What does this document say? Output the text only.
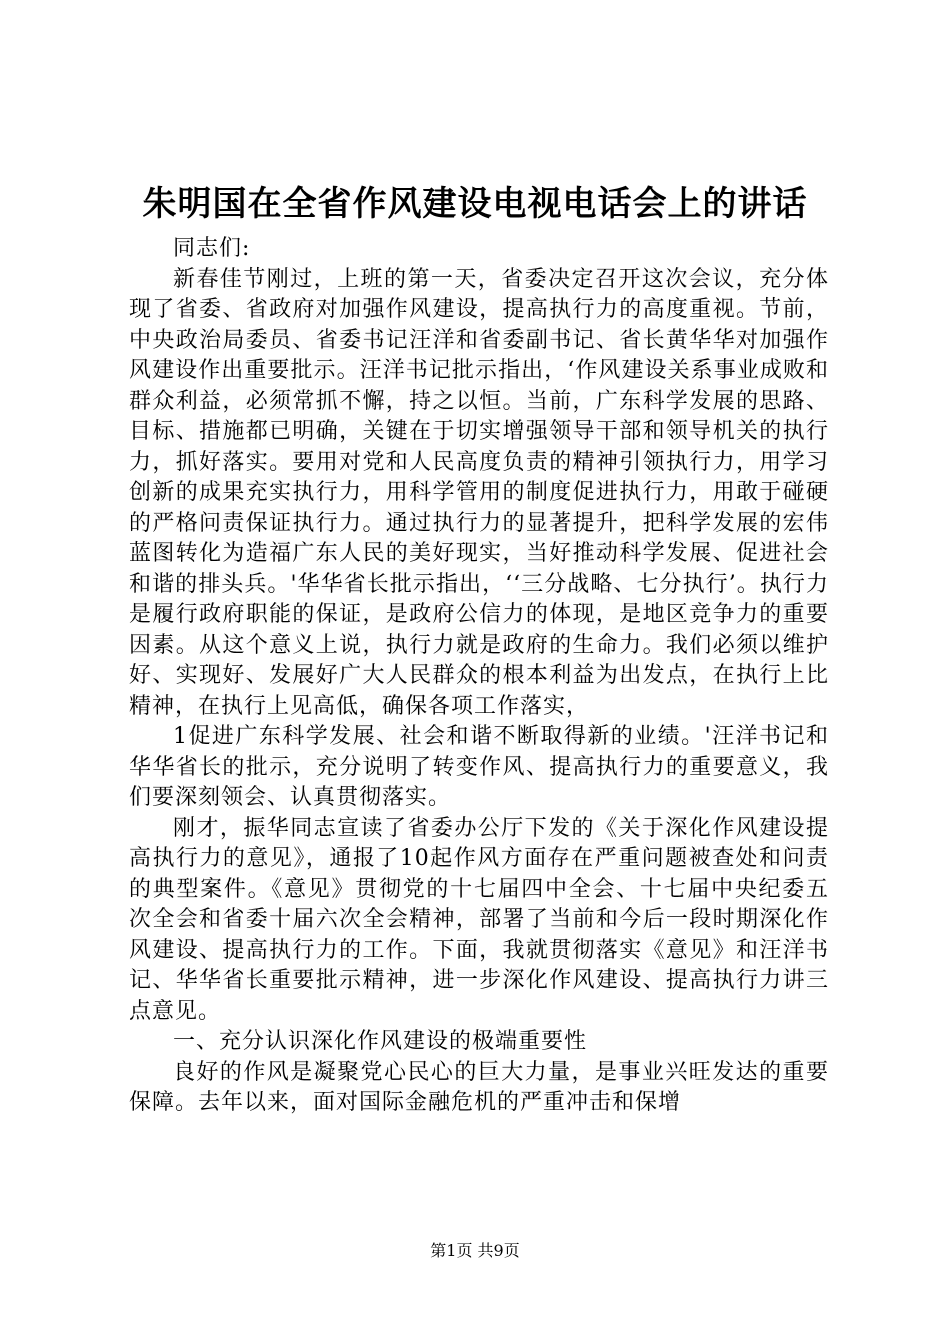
朱明国在全省作风建设电视电话会上的讲话

同志们:

新春佳节刚过，上班的第一天，省委决定召开这次会议，充分体现了省委、省政府对加强作风建设，提高执行力的高度重视。节前，中央政治局委员、省委书记汪洋和省委副书记、省长黄华华对加强作风建设作出重要批示。汪洋书记批示指出，‘作风建设关系事业成败和群众利益，必须常抓不懈，持之以恒。当前，广东科学发展的思路、目标、措施都已明确，关键在于切实增强领导干部和领导机关的执行力，抓好落实。要用对党和人民高度负责的精神引领执行力，用学习创新的成果充实执行力，用科学管用的制度促进执行力，用敢于碰硬的严格问责保证执行力。通过执行力的显著提升，把科学发展的宏伟蓝图转化为造福广东人民的美好现实，当好推动科学发展、促进社会和谐的排头兵。'华华省长批示指出，‘‘三分战略、七分执行’。执行力是履行政府职能的保证，是政府公信力的体现，是地区竞争力的重要因素。从这个意义上说，执行力就是政府的生命力。我们必须以维护好、实现好、发展好广大人民群众的根本利益为出发点，在执行上比精神，在执行上见高低，确保各项工作落实，

1促进广东科学发展、社会和谐不断取得新的业绩。'汪洋书记和华华省长的批示，充分说明了转变作风、提高执行力的重要意义，我们要深刻领会、认真贯彻落实。

刚才，振华同志宣读了省委办公厅下发的《关于深化作风建设提高执行力的意见》，通报了10起作风方面存在严重问题被查处和问责的典型案件。《意见》贯彻党的十七届四中全会、十七届中央纪委五次全会和省委十届六次全会精神，部署了当前和今后一段时期深化作风建设、提高执行力的工作。下面，我就贯彻落实《意见》和汪洋书记、华华省长重要批示精神，进一步深化作风建设、提高执行力讲三点意见。

一、充分认识深化作风建设的极端重要性

良好的作风是凝聚党心民心的巨大力量，是事业兴旺发达的重要保障。去年以来，面对国际金融危机的严重冲击和保增

第1页 共9页
